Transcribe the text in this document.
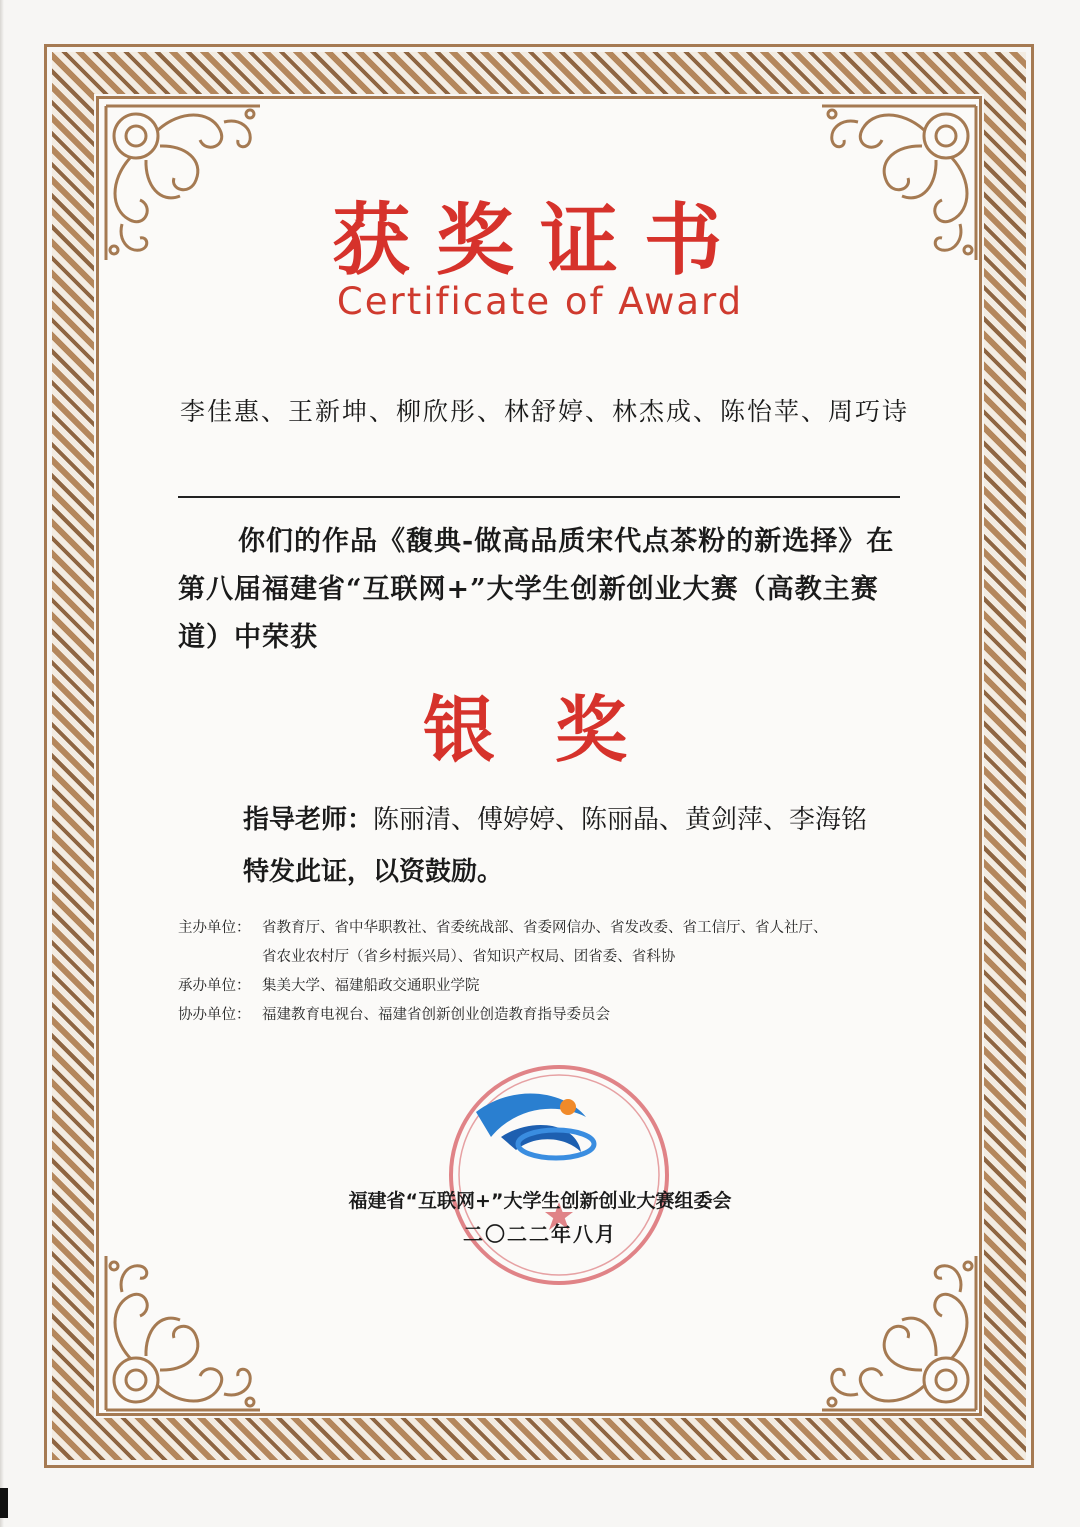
获奖证书
Certificate of Award
李佳惠、王新坤、柳欣彤、林舒婷、林杰成、陈怡苹、周巧诗
你们的作品《馥典-做高品质宋代点茶粉的新选择》在第八届福建省“互联网+”大学生创新创业大赛（高教主赛道）中荣获
银奖
指导老师：陈丽清、傅婷婷、陈丽晶、黄剑萍、李海铭
特发此证，以资鼓励。
主办单位： 省教育厅、省中华职教社、省委统战部、省委网信办、省发改委、省工信厅、省人社厅、
省农业农村厅（省乡村振兴局）、省知识产权局、团省委、省科协
承办单位： 集美大学、福建船政交通职业学院
协办单位： 福建教育电视台、福建省创新创业创造教育指导委员会
福建省“互联网+”大学生创新创业大赛组委会
二〇二二年八月
